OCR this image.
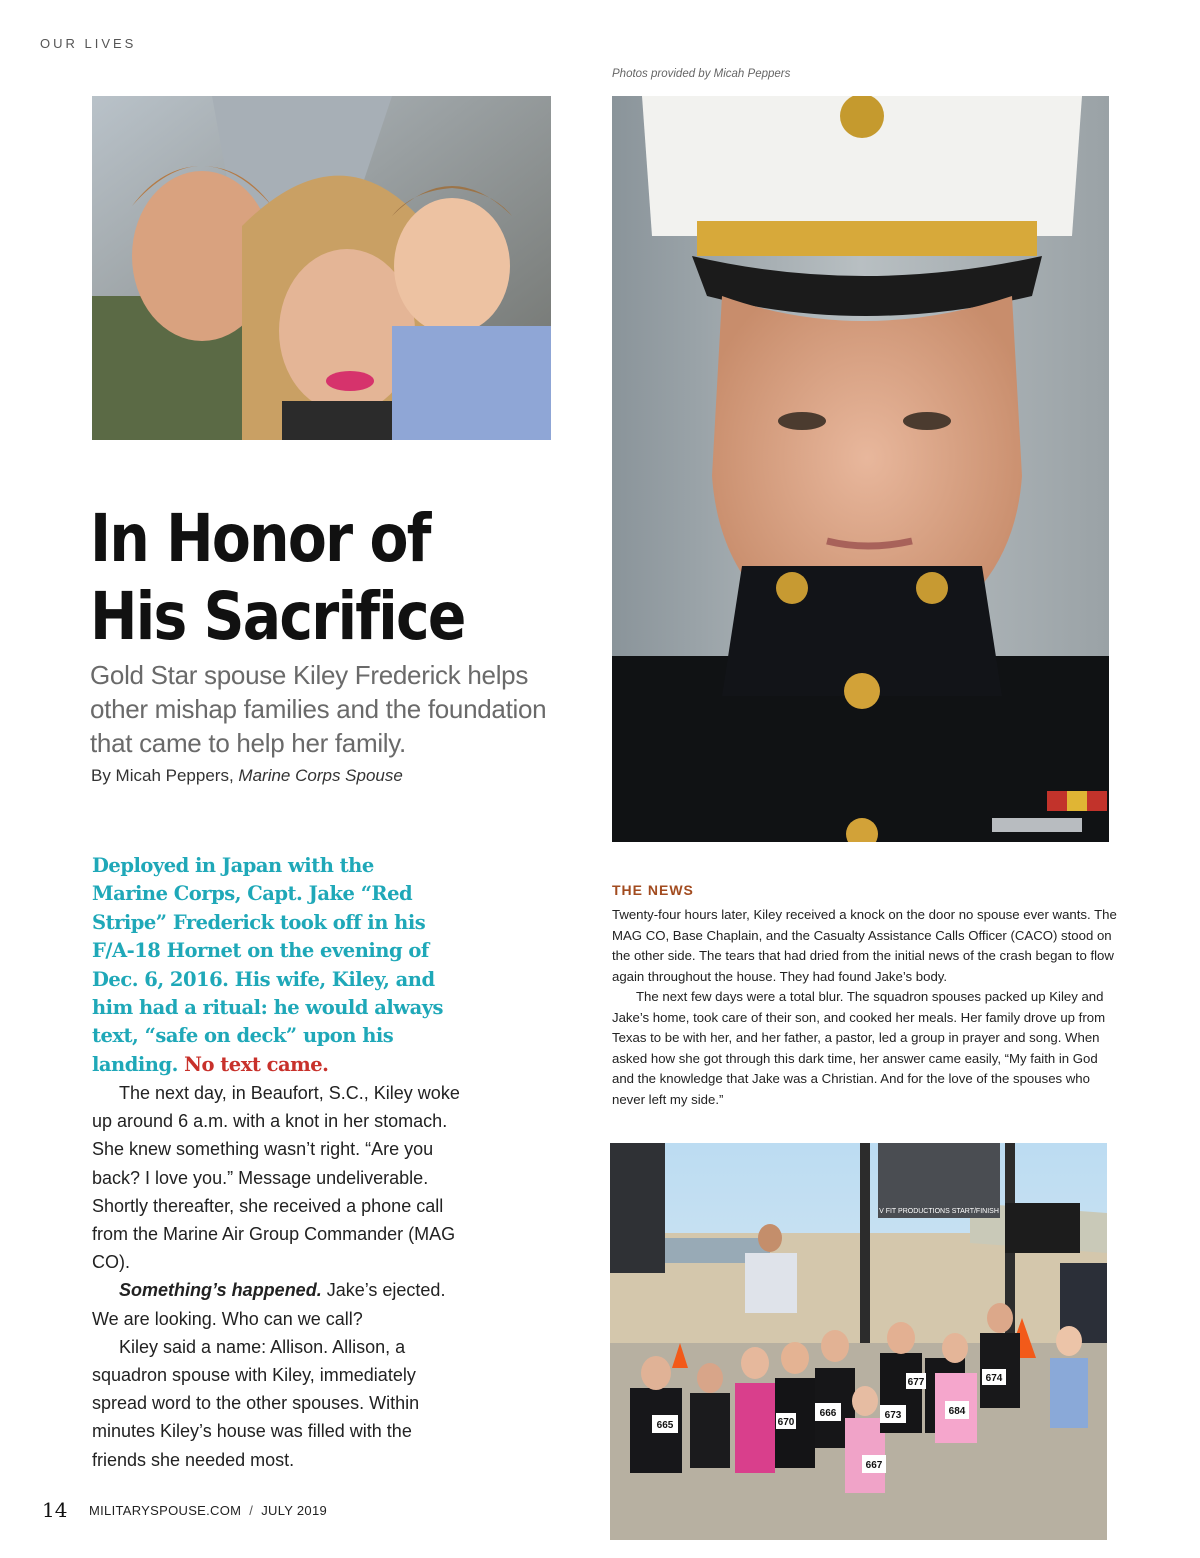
OUR LIVES
Photos provided by Micah Peppers
V FIT PRODUCTIONS START/FINISH
665	670
666	673	684
677	674
667
In Honor of
His Sacrifice
Gold Star spouse Kiley Frederick helps other mishap families and the foundation that came to help her family.
By Micah Peppers, Marine Corps Spouse
Deployed in Japan with the Marine Corps, Capt. Jake “Red Stripe” Frederick took off in his F/A-18 Hornet on the evening of Dec. 6, 2016. His wife, Kiley, and him had a ritual: he would always text, “safe on deck” upon his landing. No text came.

The next day, in Beaufort, S.C., Kiley woke up around 6 a.m. with a knot in her stomach. She knew something wasn’t right. “Are you back? I love you.” Message undeliverable. Shortly thereafter, she received a phone call from the Marine Air Group Commander (MAG CO).

Something’s happened. Jake’s ejected. We are looking. Who can we call?

Kiley said a name: Allison. Allison, a squadron spouse with Kiley, immediately spread word to the other spouses. Within minutes Kiley’s house was filled with the friends she needed most.

THE NEWS

Twenty-four hours later, Kiley received a knock on the door no spouse ever wants. The MAG CO, Base Chaplain, and the Casualty Assistance Calls Officer (CACO) stood on the other side. The tears that had dried from the initial news of the crash began to flow again throughout the house. They had found Jake’s body.

The next few days were a total blur. The squadron spouses packed up Kiley and Jake’s home, took care of their son, and cooked her meals. Her family drove up from Texas to be with her, and her father, a pastor, led a group in prayer and song. When asked how she got through this dark time, her answer came easily, “My faith in God and the knowledge that Jake was a Christian. And for the love of the spouses who never left my side.”

14 MILITARYSPOUSE.COM / JULY 2019
